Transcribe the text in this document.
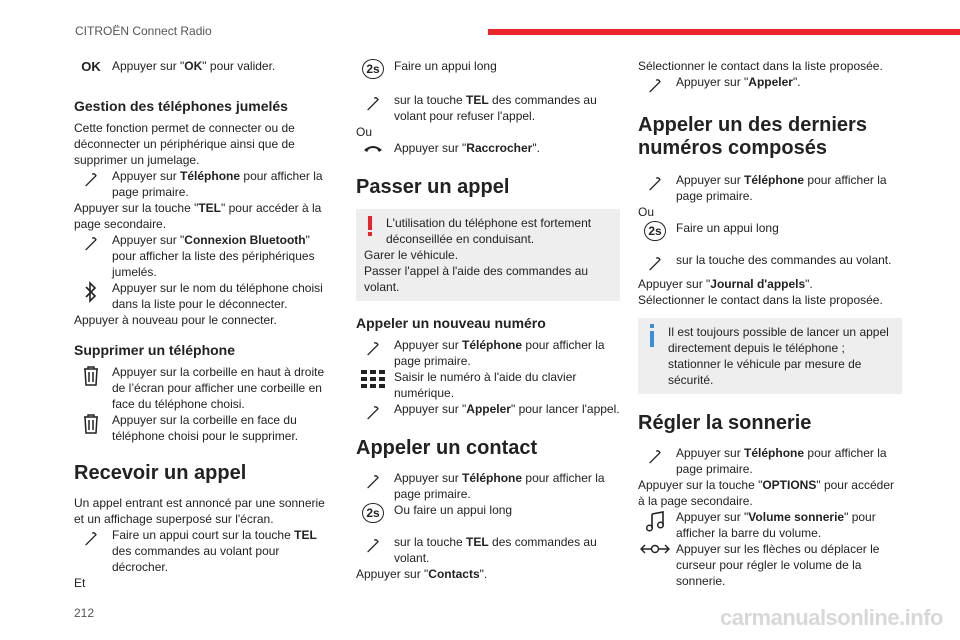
CITROËN Connect Radio
OK Appuyer sur "OK" pour valider.

Gestion des téléphones jumelés

Cette fonction permet de connecter ou de déconnecter un périphérique ainsi que de supprimer un jumelage.

Appuyer sur Téléphone pour afficher la page primaire.

Appuyer sur la touche "TEL" pour accéder à la page secondaire.

Appuyer sur "Connexion Bluetooth" pour afficher la liste des périphériques jumelés.

Appuyer sur le nom du téléphone choisi dans la liste pour le déconnecter.

Appuyer à nouveau pour le connecter.

Supprimer un téléphone

Appuyer sur la corbeille en haut à droite de l’écran pour afficher une corbeille en face du téléphone choisi.

Appuyer sur la corbeille en face du téléphone choisi pour le supprimer.

Recevoir un appel

Un appel entrant est annoncé par une sonnerie et un affichage superposé sur l'écran.

Faire un appui court sur la touche TEL des commandes au volant pour décrocher.

Et

2s	Faire un appui long

sur la touche TEL des commandes au volant pour refuser l'appel.

Ou

Appuyer sur "Raccrocher".

Passer un appel

L'utilisation du téléphone est fortement déconseillée en conduisant.

Garer le véhicule.

Passer l'appel à l'aide des commandes au volant.

Appeler un nouveau numéro

Appuyer sur Téléphone pour afficher la page primaire.

Saisir le numéro à l'aide du clavier numérique.

Appuyer sur "Appeler" pour lancer l'appel.

Appeler un contact

Appuyer sur Téléphone pour afficher la page primaire.

2s	Ou faire un appui long

sur la touche TEL des commandes au volant.

Appuyer sur "Contacts".

Sélectionner le contact dans la liste proposée.

Appuyer sur "Appeler".

Appeler un des derniers numéros composés

Appuyer sur Téléphone pour afficher la page primaire.

Ou

2s	Faire un appui long

sur la touche des commandes au volant.

Appuyer sur "Journal d'appels".

Sélectionner le contact dans la liste proposée.

Il est toujours possible de lancer un appel directement depuis le téléphone ; stationner le véhicule par mesure de sécurité.

Régler la sonnerie

Appuyer sur Téléphone pour afficher la page primaire.

Appuyer sur la touche "OPTIONS" pour accéder à la page secondaire.

Appuyer sur "Volume sonnerie" pour afficher la barre du volume.

Appuyer sur les flèches ou déplacer le curseur pour régler le volume de la sonnerie.

212	carmanualsonline.info
